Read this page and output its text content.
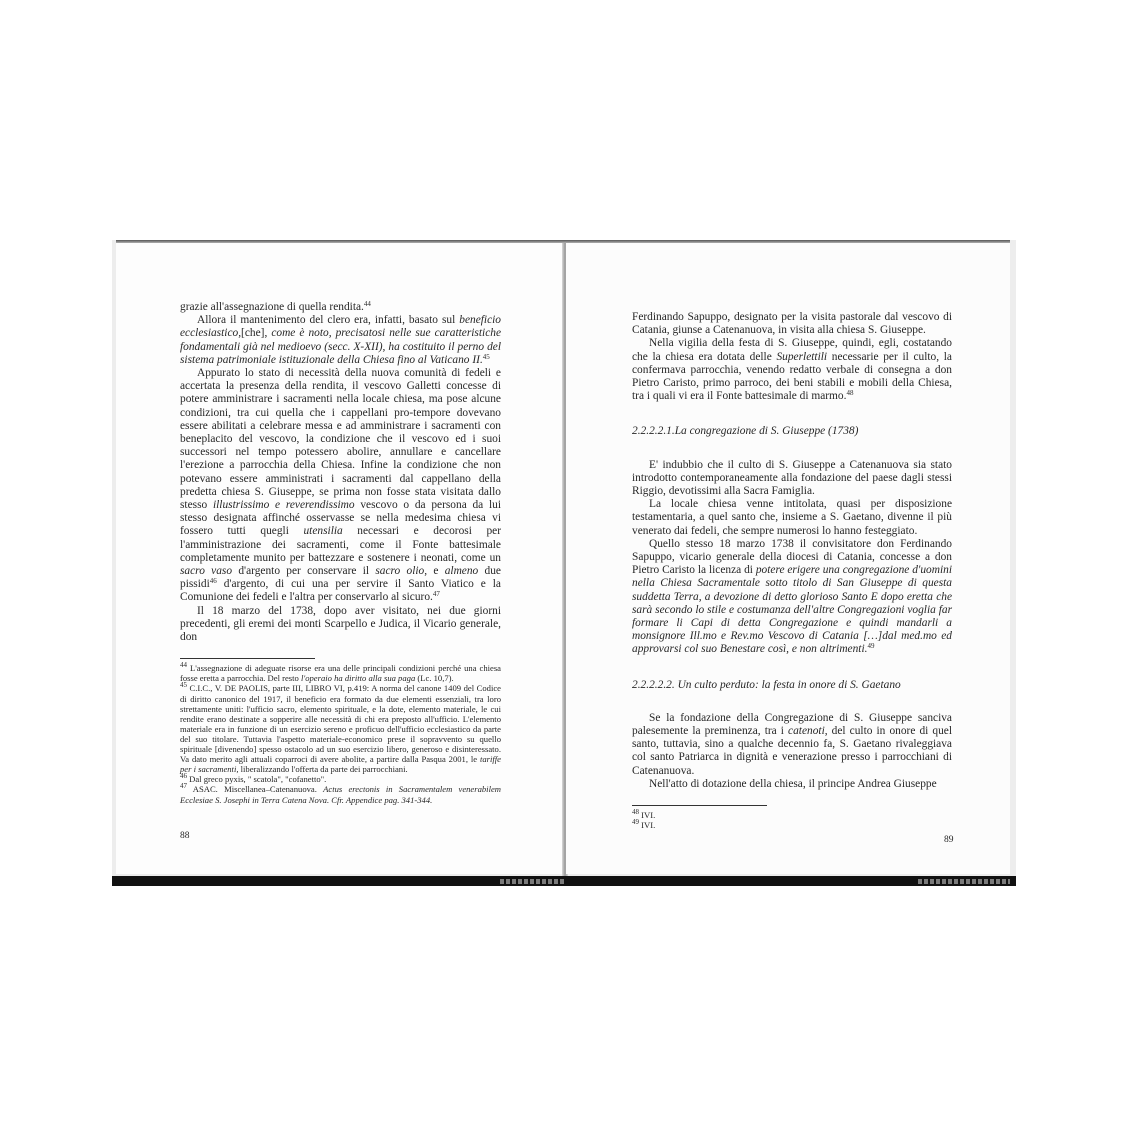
grazie all'assegnazione di quella rendita.$^{44}$

Allora il mantenimento del clero era, infatti, basato sul beneficio ecclesiastico,[che], come è noto, precisatosi nelle sue caratteristiche fondamentali già nel medioevo (secc. X-XII), ha costituito il perno del sistema patrimoniale istituzionale della Chiesa fino al Vaticano II.$^{45}$

Appurato lo stato di necessità della nuova comunità di fedeli e accertata la presenza della rendita, il vescovo Galletti concesse di potere amministrare i sacramenti nella locale chiesa, ma pose alcune condizioni, tra cui quella che i cappellani pro-tempore dovevano essere abilitati a celebrare messa e ad amministrare i sacramenti con beneplacito del vescovo, la condizione che il vescovo ed i suoi successori nel tempo potessero abolire, annullare e cancellare l'erezione a parrocchia della Chiesa. Infine la condizione che non potevano essere amministrati i sacramenti dal cappellano della predetta chiesa S. Giuseppe, se prima non fosse stata visitata dallo stesso illustrissimo e reverendissimo vescovo o da persona da lui stesso designata affinché osservasse se nella medesima chiesa vi fossero tutti quegli utensilia necessari e decorosi per l'amministrazione dei sacramenti, come il Fonte battesimale completamente munito per battezzare e sostenere i neonati, come un sacro vaso d'argento per conservare il sacro olio, e almeno due pissidi$^{46}$ d'argento, di cui una per servire il Santo Viatico e la Comunione dei fedeli e l'altra per conservarlo al sicuro.$^{47}$

Il 18 marzo del 1738, dopo aver visitato, nei due giorni precedenti, gli eremi dei monti Scarpello e Judica, il Vicario generale, don

$^{44}$ L'assegnazione di adeguate risorse era una delle principali condizioni perché una chiesa fosse eretta a parrocchia. Del resto l'operaio ha diritto alla sua paga (Lc. 10,7).

$^{45}$ C.I.C., V. DE PAOLIS, parte III, LIBRO VI, p.419: A norma del canone 1409 del Codice di diritto canonico del 1917, il beneficio era formato da due elementi essenziali, tra loro strettamente uniti: l'ufficio sacro, elemento spirituale, e la dote, elemento materiale, le cui rendite erano destinate a sopperire alle necessità di chi era preposto all'ufficio. L'elemento materiale era in funzione di un esercizio sereno e proficuo dell'ufficio ecclesiastico da parte del suo titolare. Tuttavia l'aspetto materiale-economico prese il sopravvento su quello spirituale [divenendo] spesso ostacolo ad un suo esercizio libero, generoso e disinteressato. Va dato merito agli attuali coparroci di avere abolite, a partire dalla Pasqua 2001, le tariffe per i sacramenti, liberalizzando l'offerta da parte dei parrocchiani.

$^{46}$ Dal greco pyxis, " scatola", "cofanetto".

$^{47}$ ASAC. Miscellanea–Catenanuova. Actus erectonis in Sacramentalem venerabilem Ecclesiae S. Josephi in Terra Catena Nova. Cfr. Appendice pag. 341-344.

88

Ferdinando Sapuppo, designato per la visita pastorale dal vescovo di Catania, giunse a Catenanuova, in visita alla chiesa S. Giuseppe.

Nella vigilia della festa di S. Giuseppe, quindi, egli, costatando che la chiesa era dotata delle Superlettili necessarie per il culto, la confermava parrocchia, venendo redatto verbale di consegna a don Pietro Caristo, primo parroco, dei beni stabili e mobili della Chiesa, tra i quali vi era il Fonte battesimale di marmo.$^{48}$

2.2.2.2.1.La congregazione di S. Giuseppe (1738)

E' indubbio che il culto di S. Giuseppe a Catenanuova sia stato introdotto contemporaneamente alla fondazione del paese dagli stessi Riggio, devotissimi alla Sacra Famiglia.

La locale chiesa venne intitolata, quasi per disposizione testamentaria, a quel santo che, insieme a S. Gaetano, divenne il più venerato dai fedeli, che sempre numerosi lo hanno festeggiato.

Quello stesso 18 marzo 1738 il convisitatore don Ferdinando Sapuppo, vicario generale della diocesi di Catania, concesse a don Pietro Caristo la licenza di potere erigere una congregazione d'uomini nella Chiesa Sacramentale sotto titolo di San Giuseppe di questa suddetta Terra, a devozione di detto glorioso Santo E dopo eretta che sarà secondo lo stile e costumanza dell'altre Congregazioni voglia far formare li Capi di detta Congregazione e quindi mandarli a monsignore Ill.mo e Rev.mo Vescovo di Catania […]dal med.mo ed approvarsi col suo Benestare così, e non altrimenti.$^{49}$

2.2.2.2.2. Un culto perduto: la festa in onore di S. Gaetano

Se la fondazione della Congregazione di S. Giuseppe sanciva palesemente la preminenza, tra i catenoti, del culto in onore di quel santo, tuttavia, sino a qualche decennio fa, S. Gaetano rivaleggiava col santo Patriarca in dignità e venerazione presso i parrocchiani di Catenanuova.

Nell'atto di dotazione della chiesa, il principe Andrea Giuseppe

$^{48}$ IVI.

$^{49}$ IVI.

89
